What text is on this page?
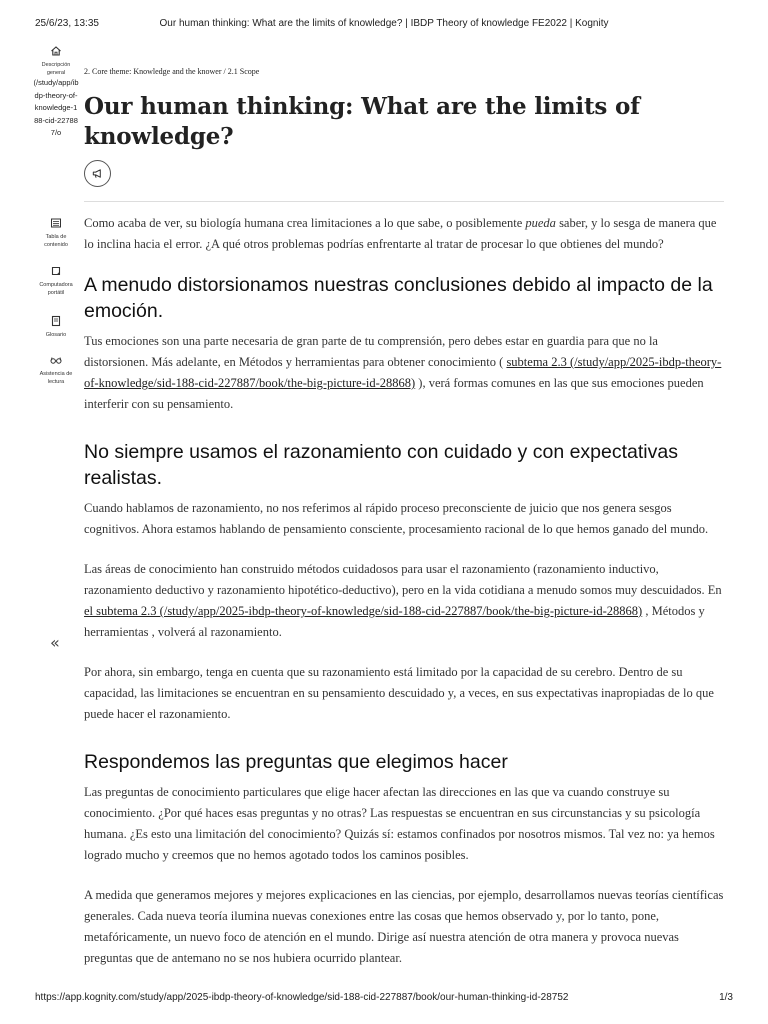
25/6/23, 13:35	Our human thinking: What are the limits of knowledge? | IBDP Theory of knowledge FE2022 | Kognity
Descripción general
(/study/app/ibdp-theory-of-knowledge-188-cid-227887/o
Tabla de contenido
Computadora portátil
Glosario
Asistencia de lectura
«
2. Core theme: Knowledge and the knower / 2.1 Scope
Our human thinking: What are the limits of knowledge?

Como acaba de ver, su biología humana crea limitaciones a lo que sabe, o posiblemente pueda saber, y lo sesga de manera que lo inclina hacia el error. ¿A qué otros problemas podrías enfrentarte al tratar de procesar lo que obtienes del mundo?

A menudo distorsionamos nuestras conclusiones debido al impacto de la emoción.

Tus emociones son una parte necesaria de gran parte de tu comprensión, pero debes estar en guardia para que no la distorsionen. Más adelante, en Métodos y herramientas para obtener conocimiento ( subtema 2.3 (/study/app/2025-ibdp-theory-of-knowledge/sid-188-cid-227887/book/the-big-picture-id-28868) ), verá formas comunes en las que sus emociones pueden interferir con su pensamiento.

No siempre usamos el razonamiento con cuidado y con expectativas realistas.

Cuando hablamos de razonamiento, no nos referimos al rápido proceso preconsciente de juicio que nos genera sesgos cognitivos. Ahora estamos hablando de pensamiento consciente, procesamiento racional de lo que hemos ganado del mundo.

Las áreas de conocimiento han construido métodos cuidadosos para usar el razonamiento (razonamiento inductivo, razonamiento deductivo y razonamiento hipotético-deductivo), pero en la vida cotidiana a menudo somos muy descuidados. En el subtema 2.3 (/study/app/2025-ibdp-theory-of-knowledge/sid-188-cid-227887/book/the-big-picture-id-28868) , Métodos y herramientas , volverá al razonamiento.

Por ahora, sin embargo, tenga en cuenta que su razonamiento está limitado por la capacidad de su cerebro. Dentro de su capacidad, las limitaciones se encuentran en su pensamiento descuidado y, a veces, en sus expectativas inapropiadas de lo que puede hacer el razonamiento.

Respondemos las preguntas que elegimos hacer

Las preguntas de conocimiento particulares que elige hacer afectan las direcciones en las que va cuando construye su conocimiento. ¿Por qué haces esas preguntas y no otras? Las respuestas se encuentran en sus circunstancias y su psicología humana. ¿Es esto una limitación del conocimiento? Quizás sí: estamos confinados por nosotros mismos. Tal vez no: ya hemos logrado mucho y creemos que no hemos agotado todos los caminos posibles.

A medida que generamos mejores y mejores explicaciones en las ciencias, por ejemplo, desarrollamos nuevas teorías científicas generales. Cada nueva teoría ilumina nuevas conexiones entre las cosas que hemos observado y, por lo tanto, pone, metafóricamente, un nuevo foco de atención en el mundo. Dirige así nuestra atención de otra manera y provoca nuevas preguntas que de antemano no se nos hubiera ocurrido plantear.

https://app.kognity.com/study/app/2025-ibdp-theory-of-knowledge/sid-188-cid-227887/book/our-human-thinking-id-28752	1/3
